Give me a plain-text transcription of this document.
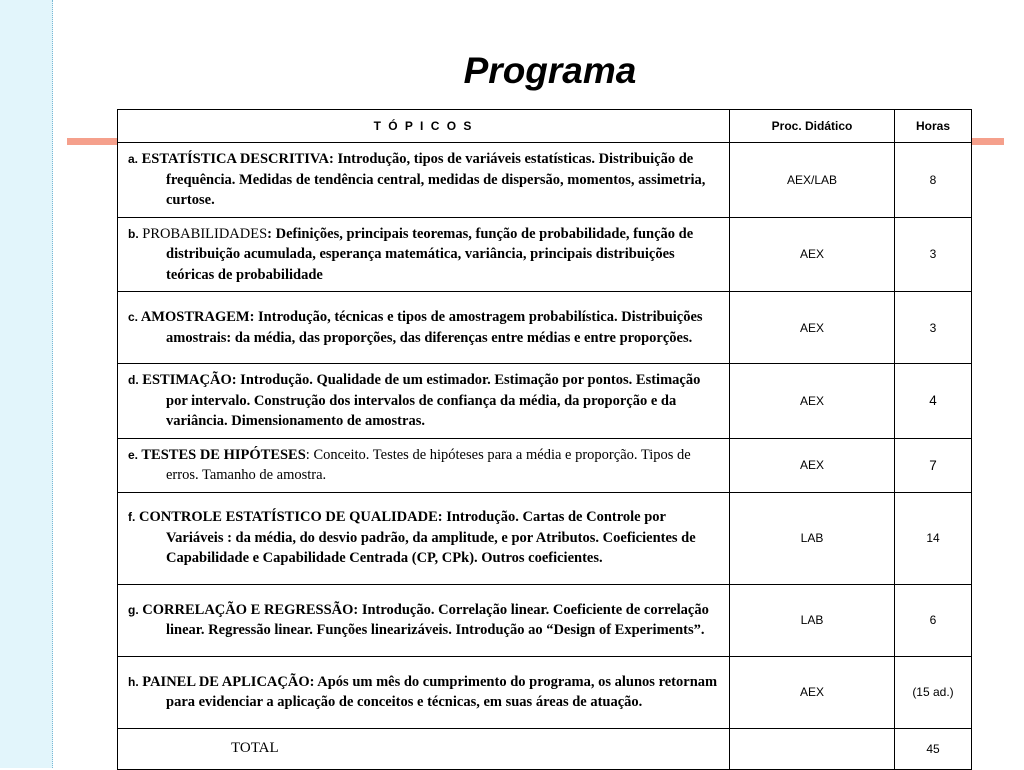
Programa
T Ó P I C O S	Proc. Didático	Horas
a. ESTATÍSTICA DESCRITIVA: Introdução, tipos de variáveis estatísticas. Distribuição de frequência. Medidas de tendência central, medidas de dispersão, momentos, assimetria, curtose.	AEX/LAB	8
b. PROBABILIDADES: Definições, principais teoremas, função de probabilidade, função de distribuição acumulada, esperança matemática, variância, principais distribuições teóricas de probabilidade	AEX	3
c. AMOSTRAGEM: Introdução, técnicas e tipos de amostragem probabilística. Distribuições amostrais: da média, das proporções, das diferenças entre médias e entre proporções.	AEX	3
d. ESTIMAÇÃO: Introdução. Qualidade de um estimador. Estimação por pontos. Estimação por intervalo. Construção dos intervalos de confiança da média, da proporção e da variância. Dimensionamento de amostras.	AEX	4
e. TESTES DE HIPÓTESES: Conceito. Testes de hipóteses para a média e proporção. Tipos de erros. Tamanho de amostra.	AEX	7
f. CONTROLE ESTATÍSTICO DE QUALIDADE: Introdução. Cartas de Controle por Variáveis : da média, do desvio padrão, da amplitude, e por Atributos. Coeficientes de Capabilidade e Capabilidade Centrada (CP, CPk). Outros coeficientes.	LAB	14
g. CORRELAÇÃO E REGRESSÃO: Introdução. Correlação linear. Coeficiente de correlação linear. Regressão linear. Funções linearizáveis. Introdução ao “Design of Experiments”.	LAB	6
h. PAINEL DE APLICAÇÃO: Após um mês do cumprimento do programa, os alunos retornam para evidenciar a aplicação de conceitos e técnicas, em suas áreas de atuação.	AEX	(15 ad.)
TOTAL		45
